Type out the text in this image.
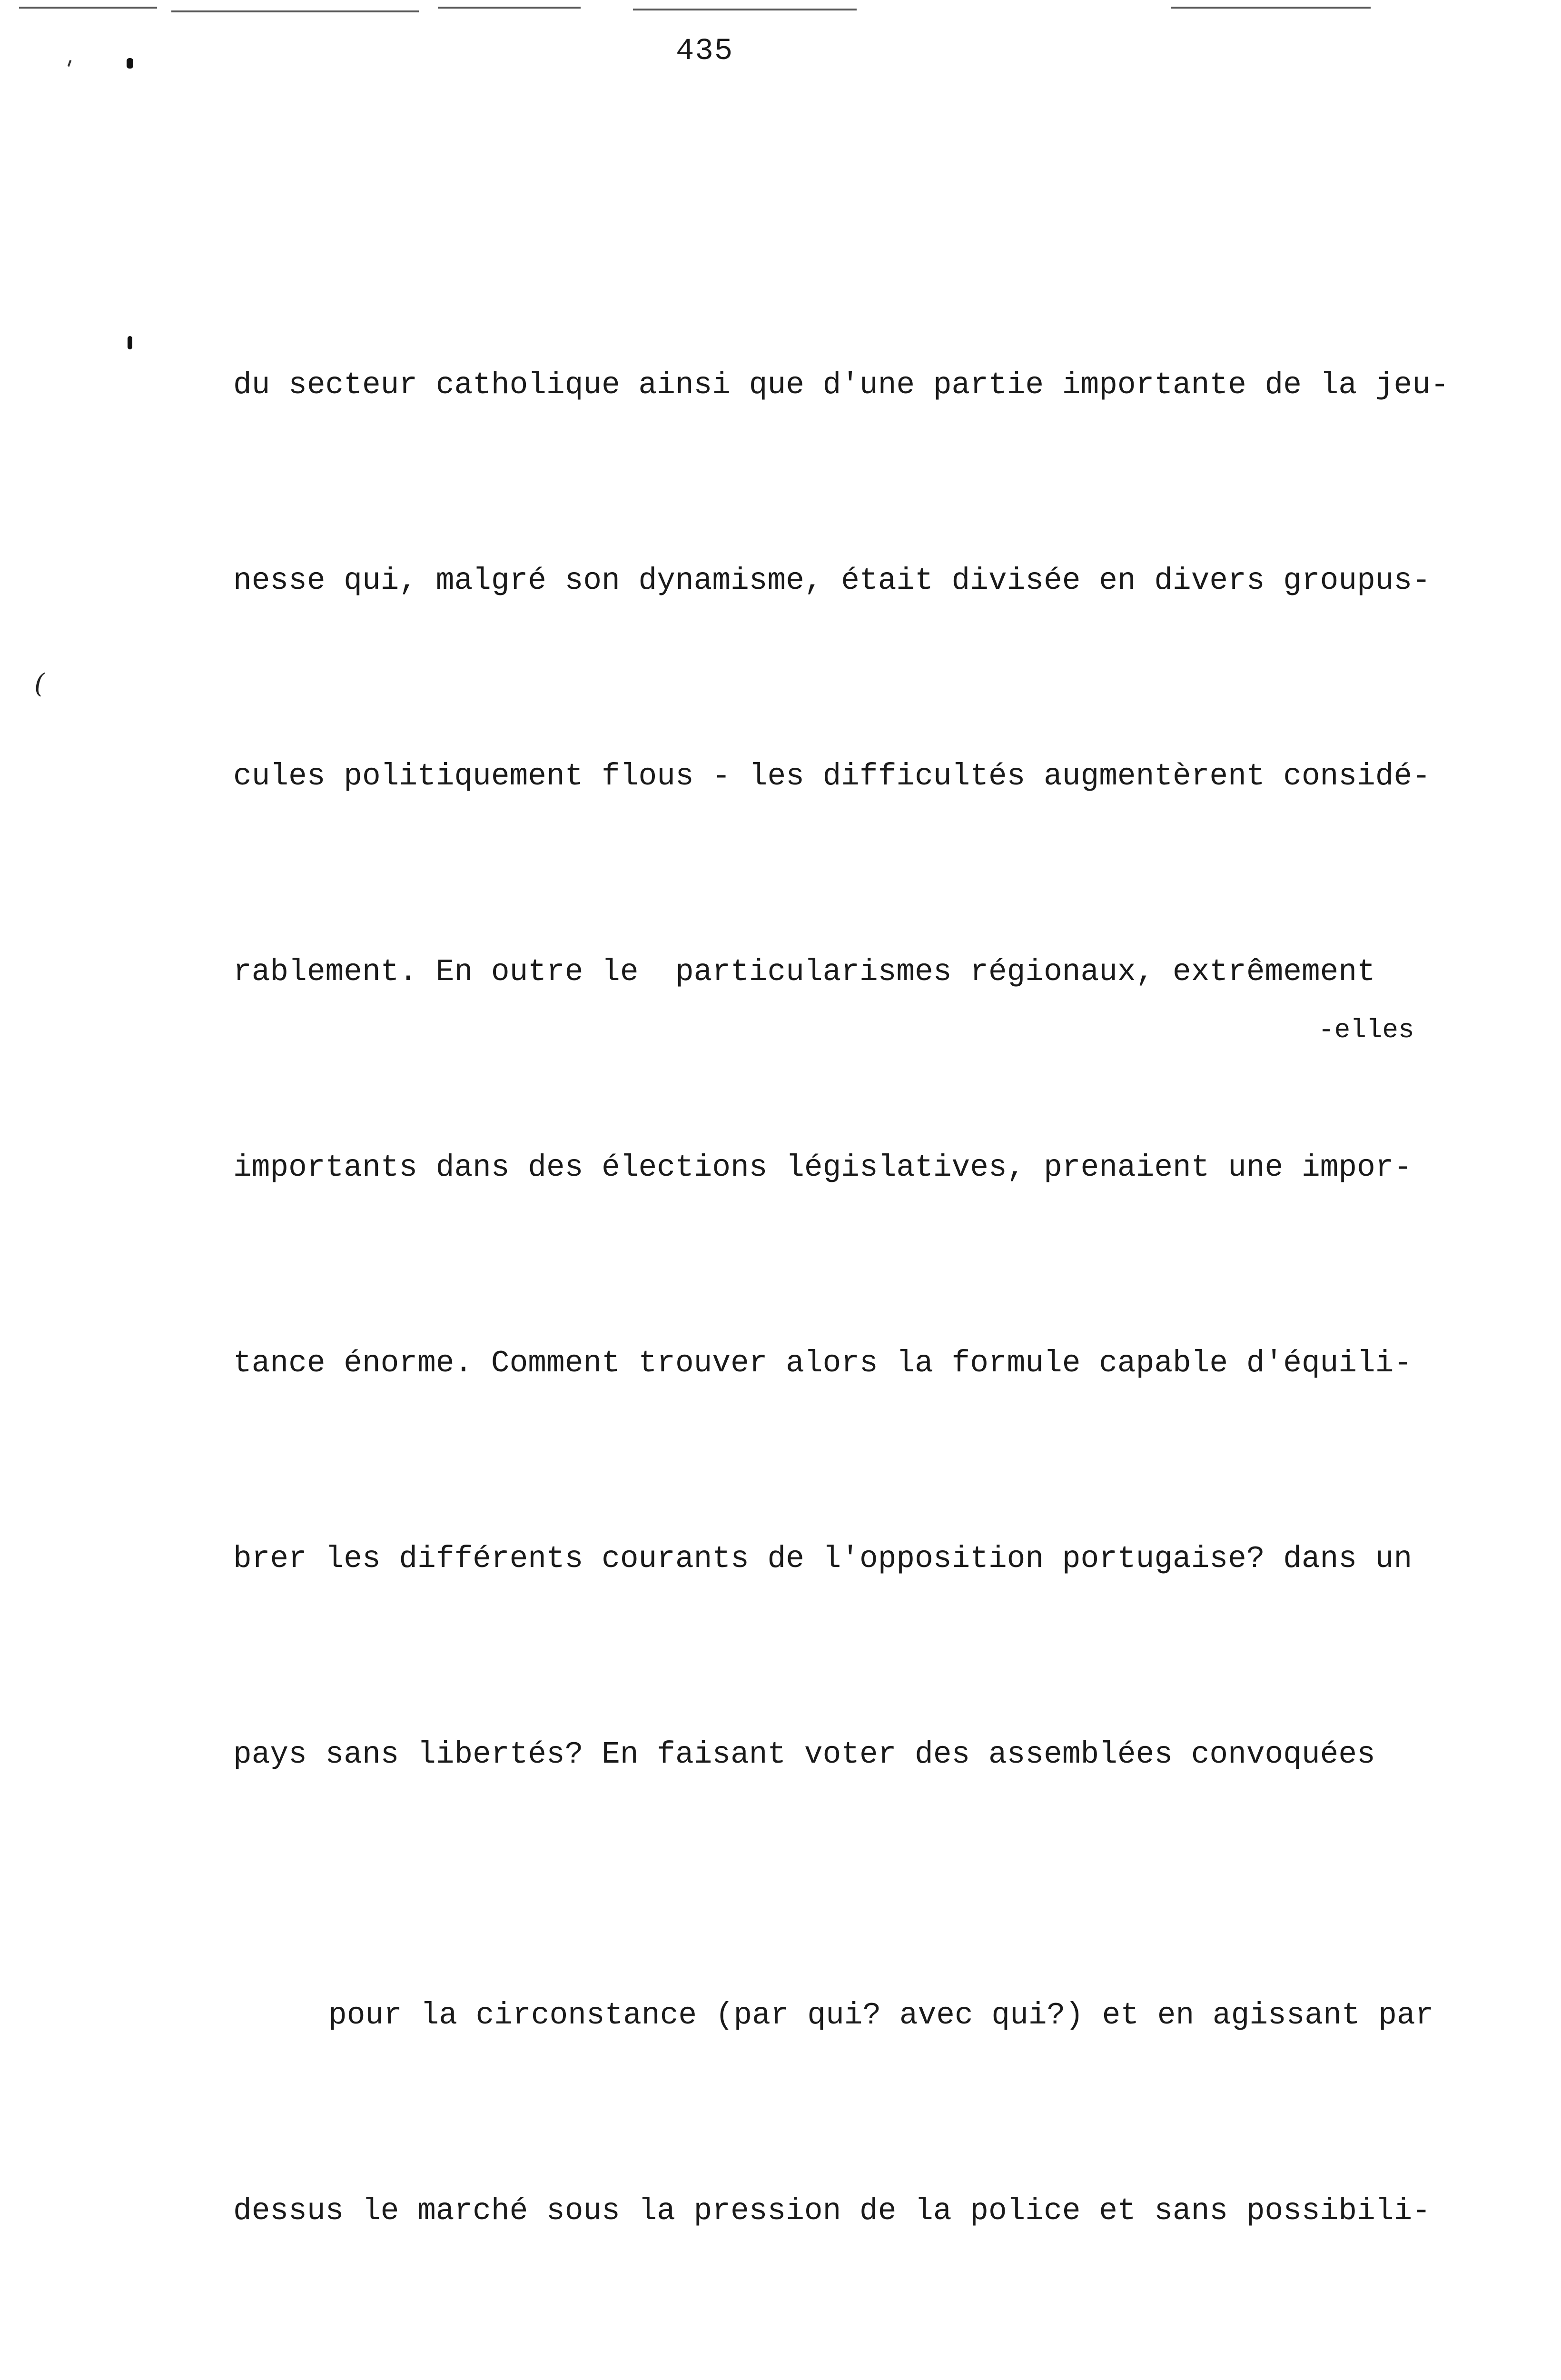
(
435

du secteur catholique ainsi que d'une partie importante de la jeu-

nesse qui, malgré son dynamisme, était divisée en divers groupus-

cules politiquement flous - les difficultés augmentèrent considé-

rablement. En outre le  particularismes régionaux, extrêmement

importants dans des élections législatives, prenaient une impor-

tance énorme. Comment trouver alors la formule capable d'équili-

brer les différents courants de l'opposition portugaise? dans un

pays sans libertés? En faisant voter des assemblées convoquées

pour la circonstance (par qui? avec qui?) et en agissant par

dessus le marché sous la pression de la police et sans possibili-

-elles
